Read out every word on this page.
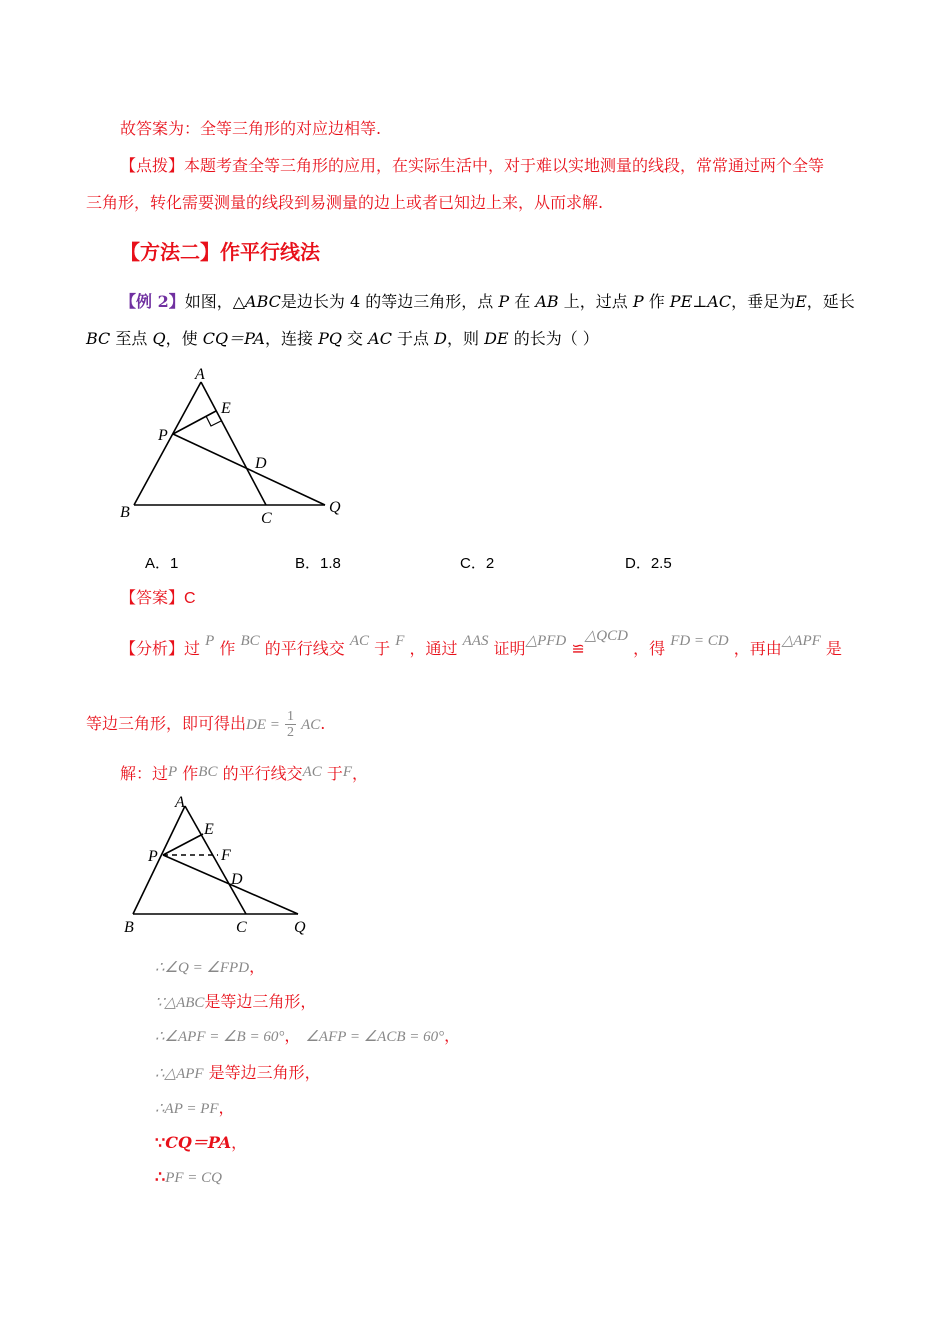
故答案为：全等三角形的对应边相等.
【点拨】本题考查全等三角形的应用，在实际生活中，对于难以实地测量的线段，常常通过两个全等
三角形，转化需要测量的线段到易测量的边上或者已知边上来，从而求解.
【方法二】作平行线法
【例 2】如图，△ABC是边长为 4 的等边三角形，点 P 在 AB 上，过点 P 作 PE⊥AC，垂足为E，延长
BC 至点 Q，使 CQ＝PA，连接 PQ 交 AC 于点 D，则 DE 的长为（ ）
A
E
P
D
B	C
Q
A．1	B．1.8	C．2	D．2.5
【答案】C
【分析】过 P 作 BC 的平行线交 AC 于 F ，通过 AAS 证明△PFD ≌△QCD ，得 FD = CD ，再由△APF 是
等边三角形，即可得出DE = $\frac{1}{2}$ AC.
解：过P 作BC 的平行线交AC 于F，
A
E
P	F
D
B	C	Q
∴∠Q = ∠FPD，
∵△ABC是等边三角形，
∴∠APF = ∠B = 60°， ∠AFP = ∠ACB = 60°，
∴△APF 是等边三角形，
∴AP = PF，
∵CQ＝PA，
∴PF = CQ
